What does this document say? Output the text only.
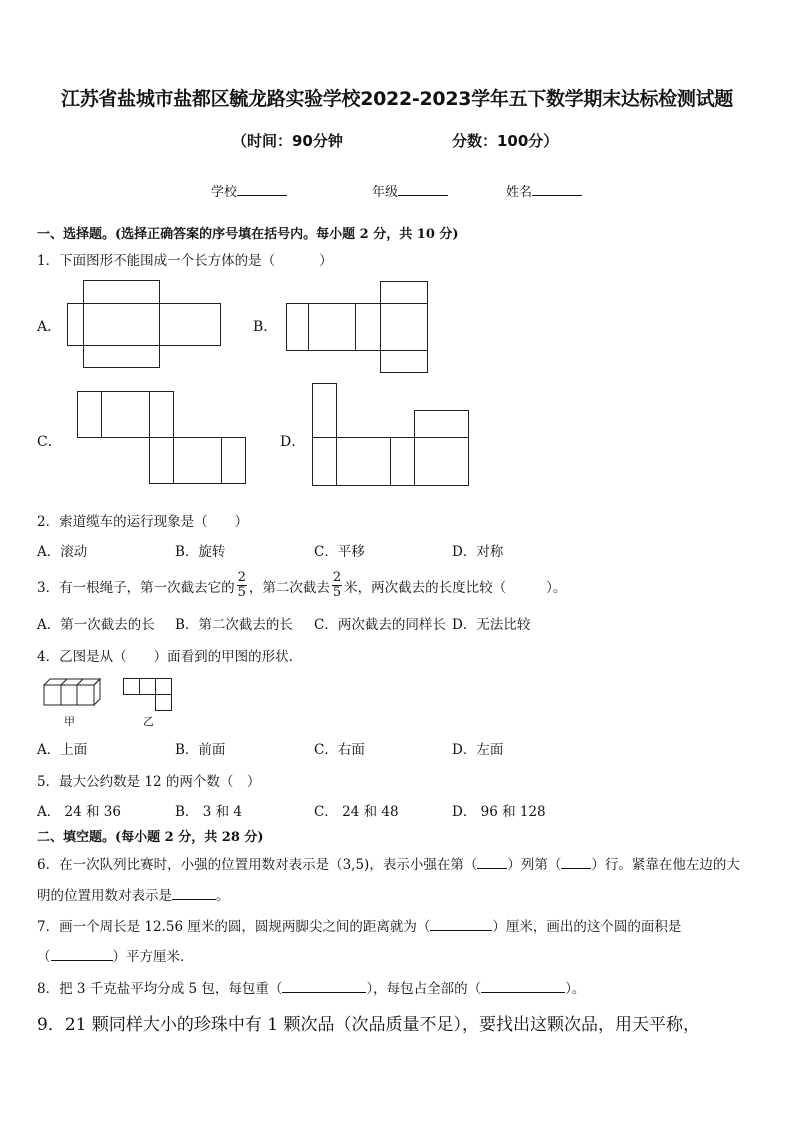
江苏省盐城市盐都区毓龙路实验学校2022-2023学年五下数学期末达标检测试题
（时间：90分钟	分数：100分）
学校	年级	姓名
一、选择题。(选择正确答案的序号填在括号内。每小题 2 分，共 10 分)
1．下面图形不能围成一个长方体的是（	）
A．	B．
C．	D．
2．索道缆车的运行现象是（　　）
A．滚动	B．旋转	C．平移	D．对称
3．有一根绳子，第一次截去它的 $\frac{2}{5}$ ，第二次截去 $\frac{2}{5}$ 米，两次截去的长度比较（	）。
A．第一次截去的长 B．第二次截去的长 C．两次截去的同样长 D．无法比较
4．乙图是从（　　）面看到的甲图的形状．
甲	乙
A．上面	B．前面	C．右面	D．左面
5．最大公约数是 12 的两个数（　）
A． 24 和 36	B． 3 和 4	C． 24 和 48	D． 96 和 128
二、填空题。(每小题 2 分，共 28 分)
6．在一次队列比赛时，小强的位置用数对表示是（3,5)，表示小强在第（ ）列第（ ）行。紧靠在他左边的大
明的位置用数对表示是	。
7．画一个周长是 12.56 厘米的圆，圆规两脚尖之间的距离就为（	）厘米，画出的这个圆的面积是
（	）平方厘米．
8．把 3 千克盐平均分成 5 包，每包重（	），每包占全部的（	）。
9．21 颗同样大小的珍珠中有 1 颗次品（次品质量不足），要找出这颗次品，用天平称，
